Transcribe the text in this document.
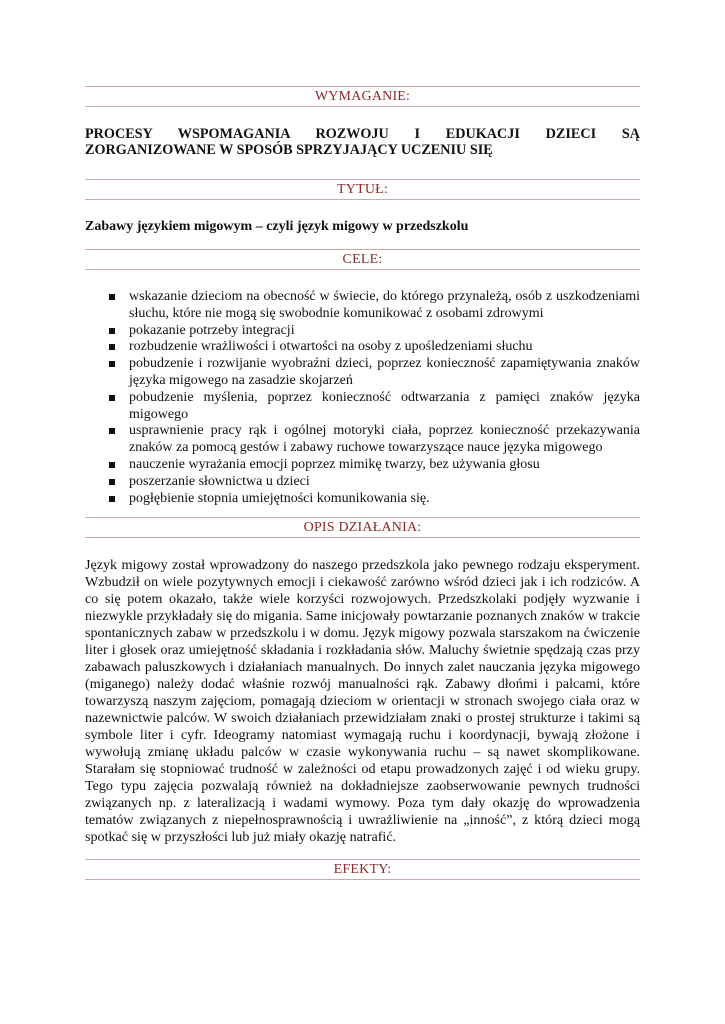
WYMAGANIE:

PROCESY WSPOMAGANIA ROZWOJU I EDUKACJI DZIECI SĄ ZORGANIZOWANE W SPOSÓB SPRZYJAJĄCY UCZENIU SIĘ

TYTUŁ:

Zabawy językiem migowym – czyli język migowy w przedszkolu

CELE:
wskazanie dzieciom na obecność w świecie, do którego przynależą, osób z uszkodzeniami słuchu, które nie mogą się swobodnie komunikować z osobami zdrowymi
pokazanie potrzeby integracji
rozbudzenie wrażliwości i otwartości na osoby z upośledzeniami słuchu
pobudzenie i rozwijanie wyobraźni dzieci, poprzez konieczność zapamiętywania znaków języka migowego na zasadzie skojarzeń
pobudzenie myślenia, poprzez konieczność odtwarzania z pamięci znaków języka migowego
usprawnienie pracy rąk i ogólnej motoryki ciała, poprzez konieczność przekazywania znaków za pomocą gestów i zabawy ruchowe towarzyszące nauce języka migowego
nauczenie wyrażania emocji poprzez mimikę twarzy, bez używania głosu
poszerzanie słownictwa u dzieci
pogłębienie stopnia umiejętności komunikowania się.
OPIS DZIAŁANIA:

Język migowy został wprowadzony do naszego przedszkola jako pewnego rodzaju eksperyment. Wzbudził on wiele pozytywnych emocji i ciekawość zarówno wśród dzieci jak i ich rodziców. A co się potem okazało, także wiele korzyści rozwojowych. Przedszkolaki podjęły wyzwanie i niezwykle przykładały się do migania. Same inicjowały powtarzanie poznanych znaków w trakcie spontanicznych zabaw w przedszkolu i w domu. Język migowy pozwala starszakom na ćwiczenie liter i głosek oraz umiejętność składania i rozkładania słów. Maluchy świetnie spędzają czas przy zabawach paluszkowych i działaniach manualnych. Do innych zalet nauczania języka migowego (miganego) należy dodać właśnie rozwój manualności rąk. Zabawy dłońmi i palcami, które towarzyszą naszym zajęciom, pomagają dzieciom w orientacji w stronach swojego ciała oraz w nazewnictwie palców. W swoich działaniach przewidziałam znaki o prostej strukturze i takimi są symbole liter i cyfr. Ideogramy natomiast wymagają ruchu i koordynacji, bywają złożone i wywołują zmianę układu palców w czasie wykonywania ruchu – są nawet skomplikowane. Starałam się stopniować trudność w zależności od etapu prowadzonych zajęć i od wieku grupy. Tego typu zajęcia pozwalają również na dokładniejsze zaobserwowanie pewnych trudności związanych np. z lateralizacją i wadami wymowy. Poza tym dały okazję do wprowadzenia tematów związanych z niepełnosprawnością i uwrażliwienie na „inność”, z którą dzieci mogą spotkać się w przyszłości lub już miały okazję natrafić.

EFEKTY:
